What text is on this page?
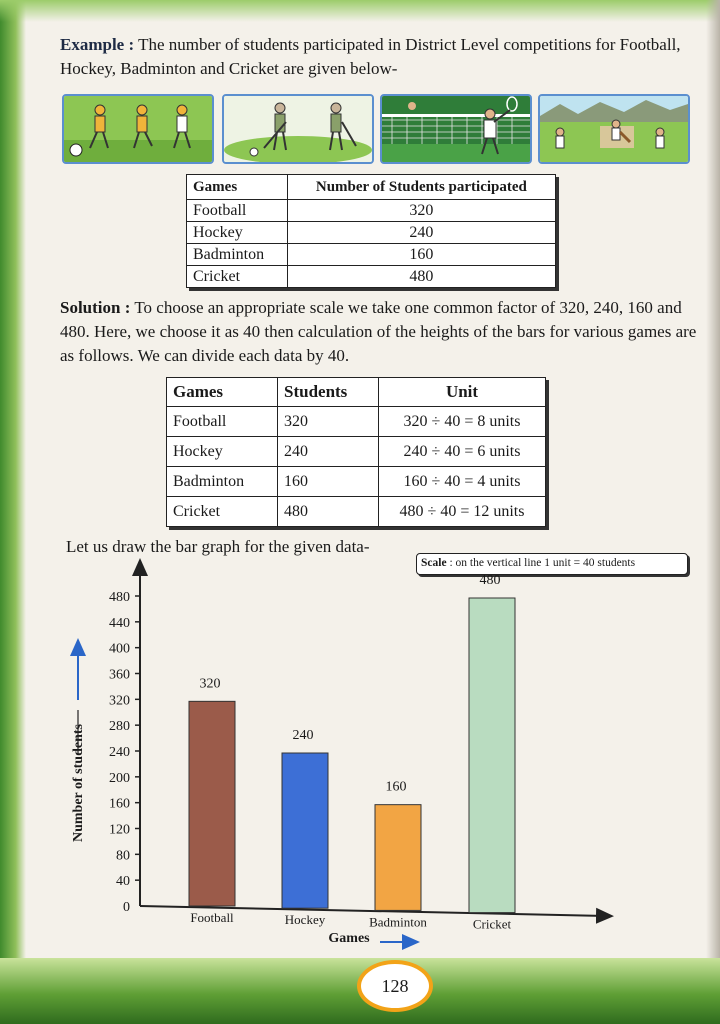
Example : The number of students participated in District Level competitions for Football, Hockey, Badminton and Cricket are given below-

Games	Number of Students participated
Football	320
Hockey	240
Badminton	160
Cricket	480

Solution : To choose an appropriate scale we take one common factor of 320, 240, 160 and 480. Here, we choose it as 40 then calculation of the heights of the bars for various games are as follows. We can divide each data by 40.

Games	Students	Unit
Football	320	320 ÷ 40 = 8 units
Hockey	240	240 ÷ 40 = 6 units
Badminton	160	160 ÷ 40 = 4 units
Cricket	480	480 ÷ 40 = 12 units

Let us draw the bar graph for the given data-

Scale : on the vertical line 1 unit = 40 students
0
40
80
120
160
200
240
280
320
360
400
440
480
320
Football
240
Hockey
160
Badminton
480
Cricket
Number of students
Games
128
